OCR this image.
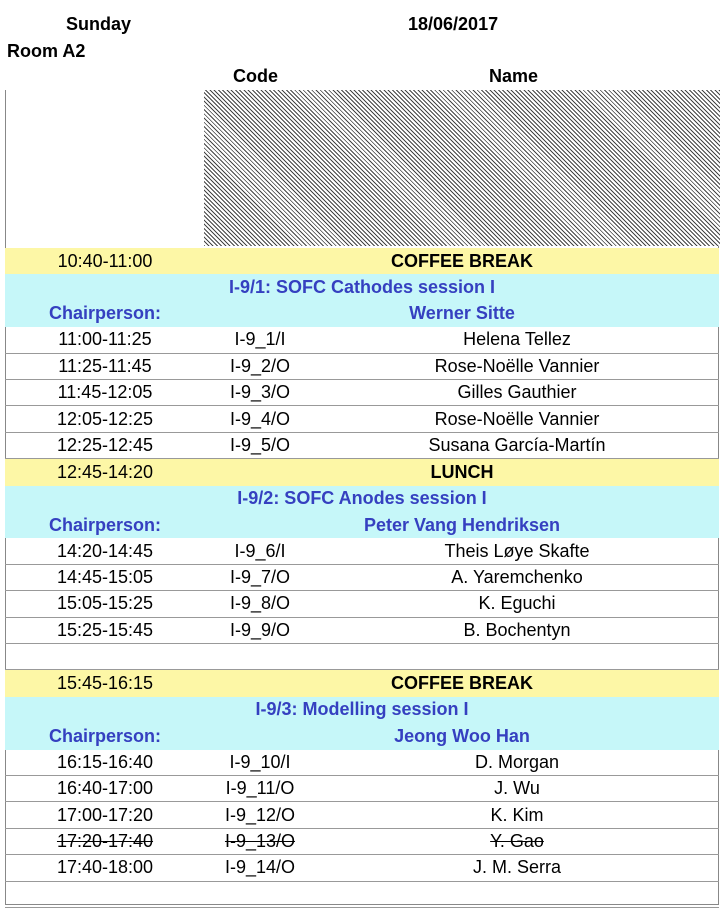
Sunday	18/06/2017
Room A2
Code	Name
10:40-11:00	COFFEE BREAK
I-9/1: SOFC Cathodes session I
Chairperson:	Werner Sitte
11:00-11:25	I-9_1/I	Helena Tellez
11:25-11:45	I-9_2/O	Rose-Noëlle Vannier
11:45-12:05	I-9_3/O	Gilles Gauthier
12:05-12:25	I-9_4/O	Rose-Noëlle Vannier
12:25-12:45	I-9_5/O	Susana García-Martín
12:45-14:20	LUNCH
I-9/2: SOFC Anodes session I
Chairperson:	Peter Vang Hendriksen
14:20-14:45	I-9_6/I	Theis Løye Skafte
14:45-15:05	I-9_7/O	A. Yaremchenko
15:05-15:25	I-9_8/O	K. Eguchi
15:25-15:45	I-9_9/O	B. Bochentyn
15:45-16:15	COFFEE BREAK
I-9/3: Modelling session I
Chairperson:	Jeong Woo Han
16:15-16:40	I-9_10/I	D. Morgan
16:40-17:00	I-9_11/O	J. Wu
17:00-17:20	I-9_12/O	K. Kim
17:20-17:40	I-9_13/O	Y. Gao
17:40-18:00	I-9_14/O	J. M. Serra
